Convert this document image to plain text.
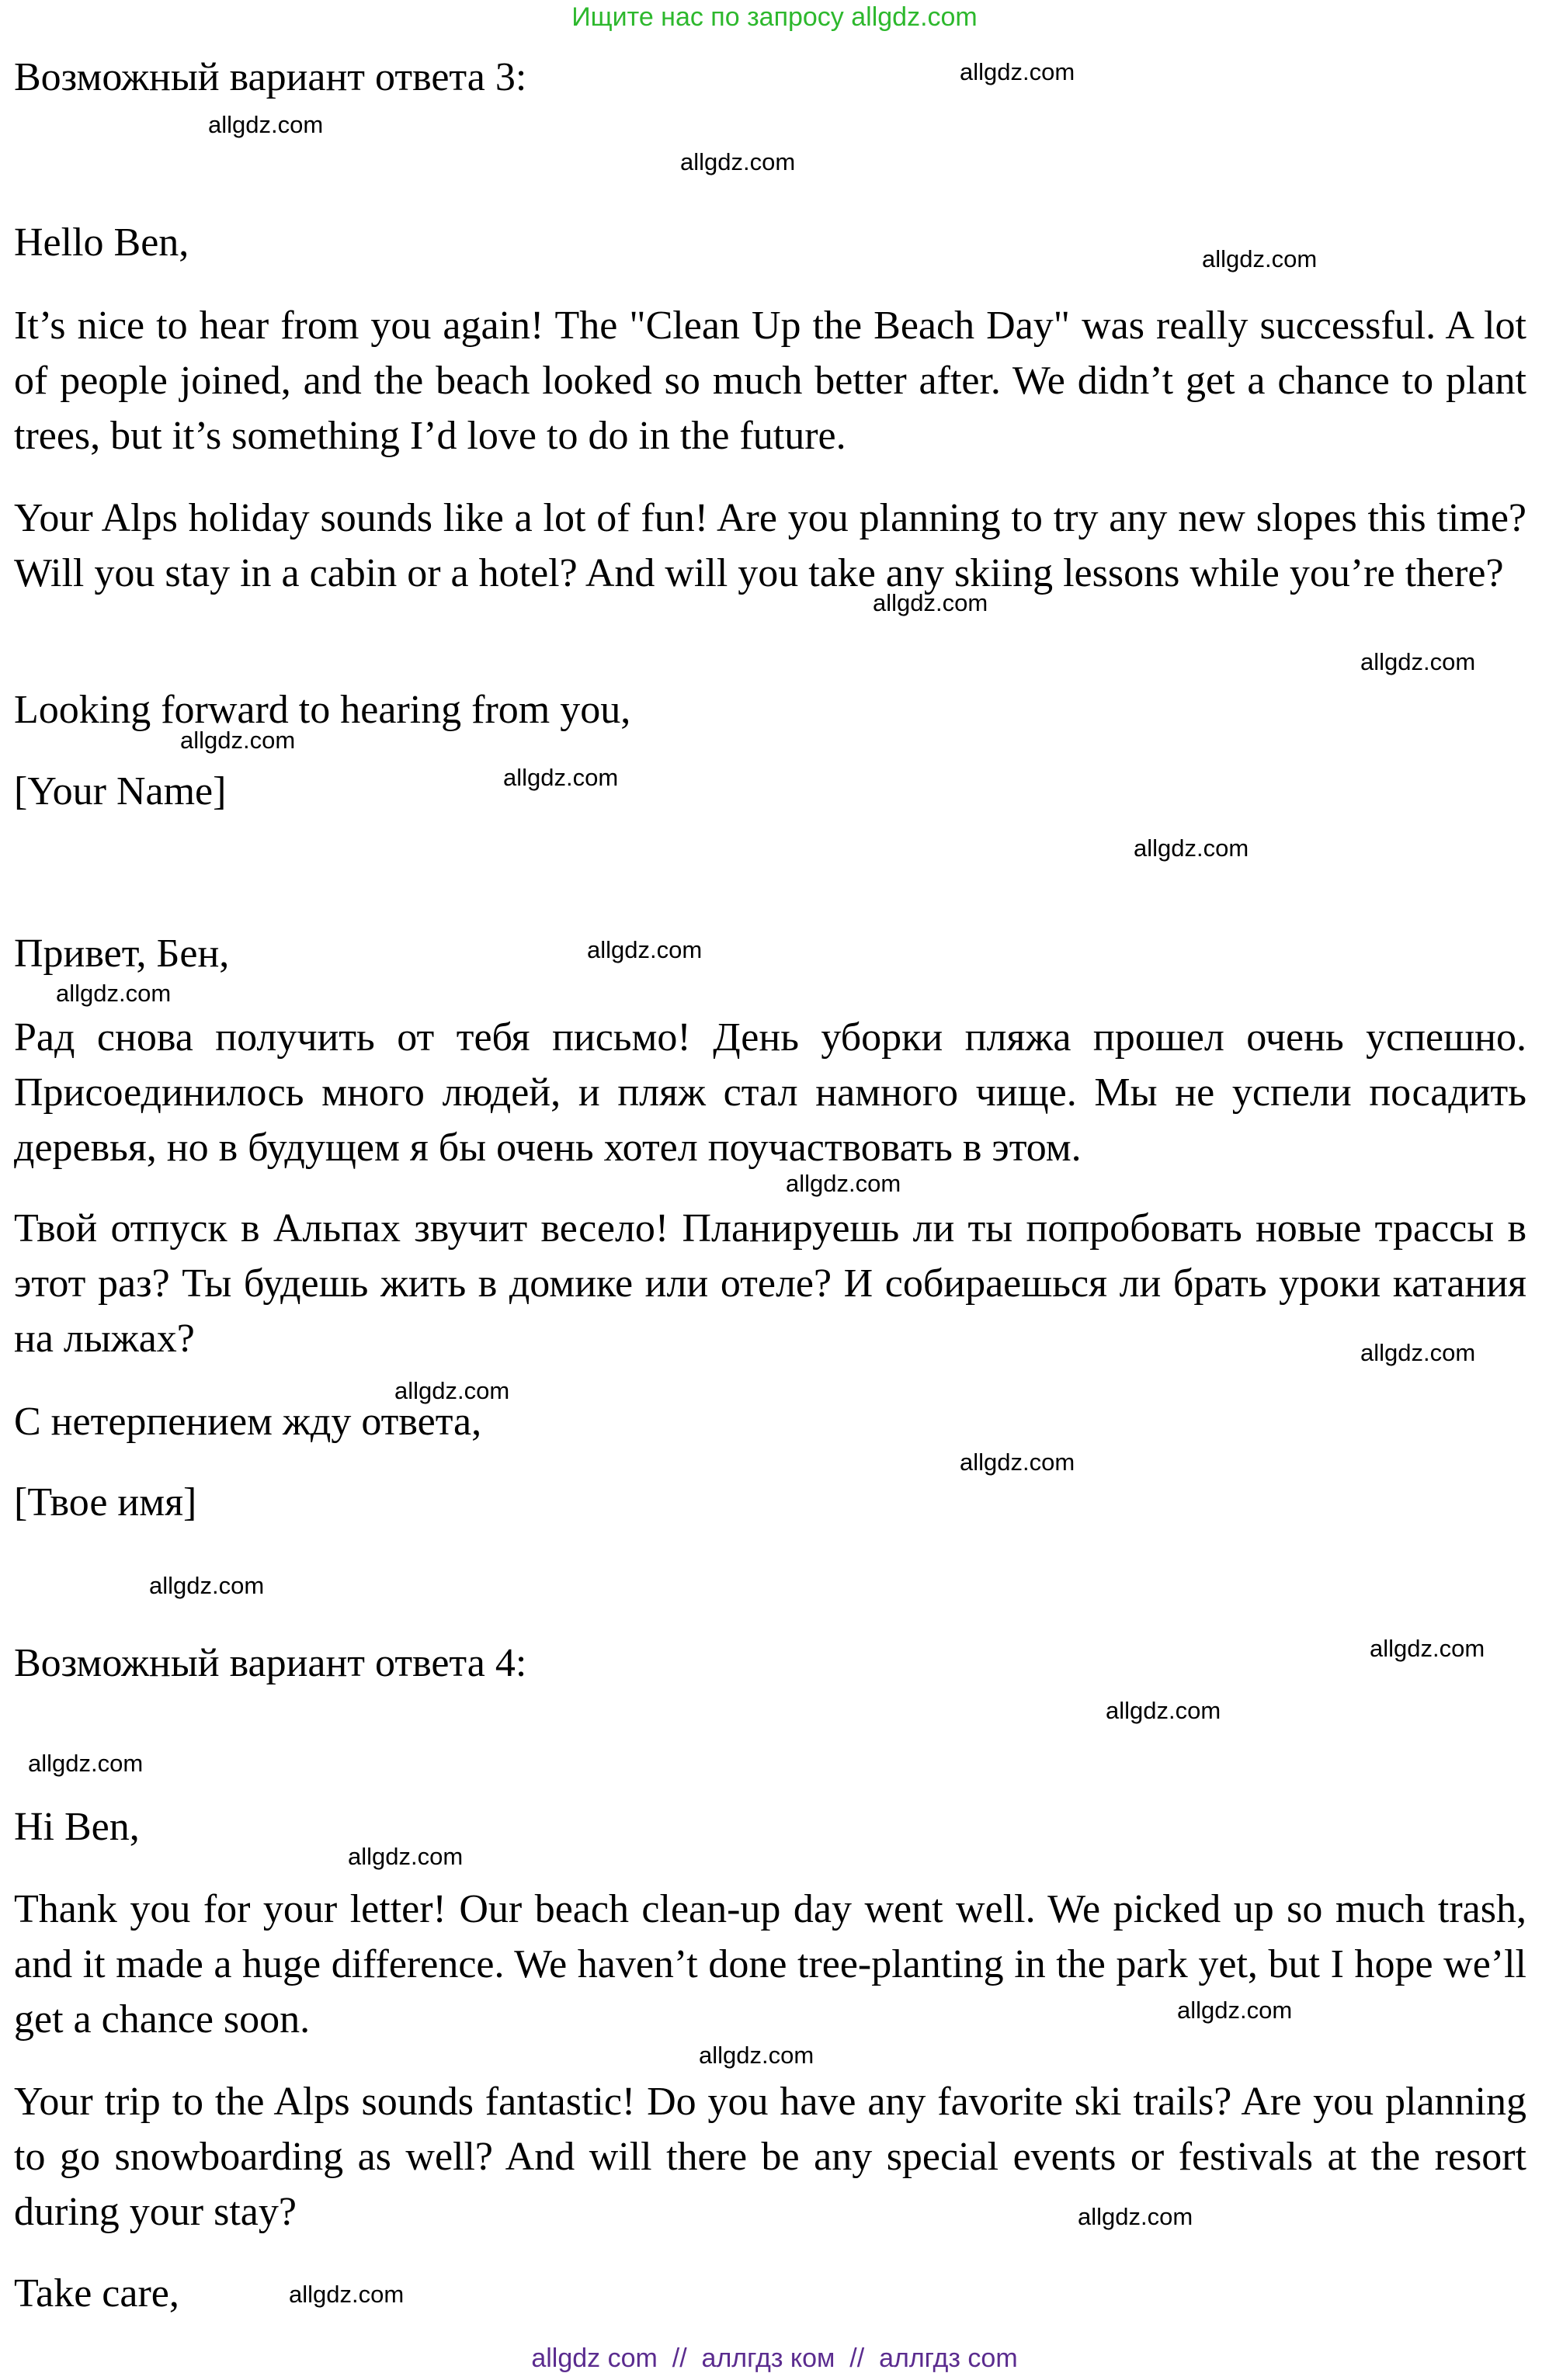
Ищите нас по запросу allgdz.com

Возможный вариант ответа 3:

Hello Ben,

It’s nice to hear from you again! The "Clean Up the Beach Day" was really successful. A lot of people joined, and the beach looked so much better after. We didn’t get a chance to plant trees, but it’s something I’d love to do in the future.

Your Alps holiday sounds like a lot of fun! Are you planning to try any new slopes this time? Will you stay in a cabin or a hotel? And will you take any skiing lessons while you’re there?

Looking forward to hearing from you,

[Your Name]

Привет, Бен,

Рад снова получить от тебя письмо! День уборки пляжа прошел очень успешно. Присоединилось много людей, и пляж стал намного чище. Мы не успели посадить деревья, но в будущем я бы очень хотел поучаствовать в этом.

Твой отпуск в Альпах звучит весело! Планируешь ли ты попробовать новые трассы в этот раз? Ты будешь жить в домике или отеле? И собираешься ли брать уроки катания на лыжах?

С нетерпением жду ответа,

[Твое имя]

Возможный вариант ответа 4:

Hi Ben,

Thank you for your letter! Our beach clean-up day went well. We picked up so much trash, and it made a huge difference. We haven’t done tree-planting in the park yet, but I hope we’ll get a chance soon.

Your trip to the Alps sounds fantastic! Do you have any favorite ski trails? Are you planning to go snowboarding as well? And will there be any special events or festivals at the resort during your stay?

Take care,

allgdz.com
allgdz.com
allgdz.com
allgdz.com
allgdz.com
allgdz.com
allgdz.com
allgdz.com
allgdz.com
allgdz.com
allgdz.com
allgdz.com
allgdz.com
allgdz.com
allgdz.com
allgdz.com
allgdz.com
allgdz.com
allgdz.com
allgdz.com
allgdz.com
allgdz.com
allgdz.com
allgdz.com
allgdz com  //  аллгдз ком  //  аллгдз com
